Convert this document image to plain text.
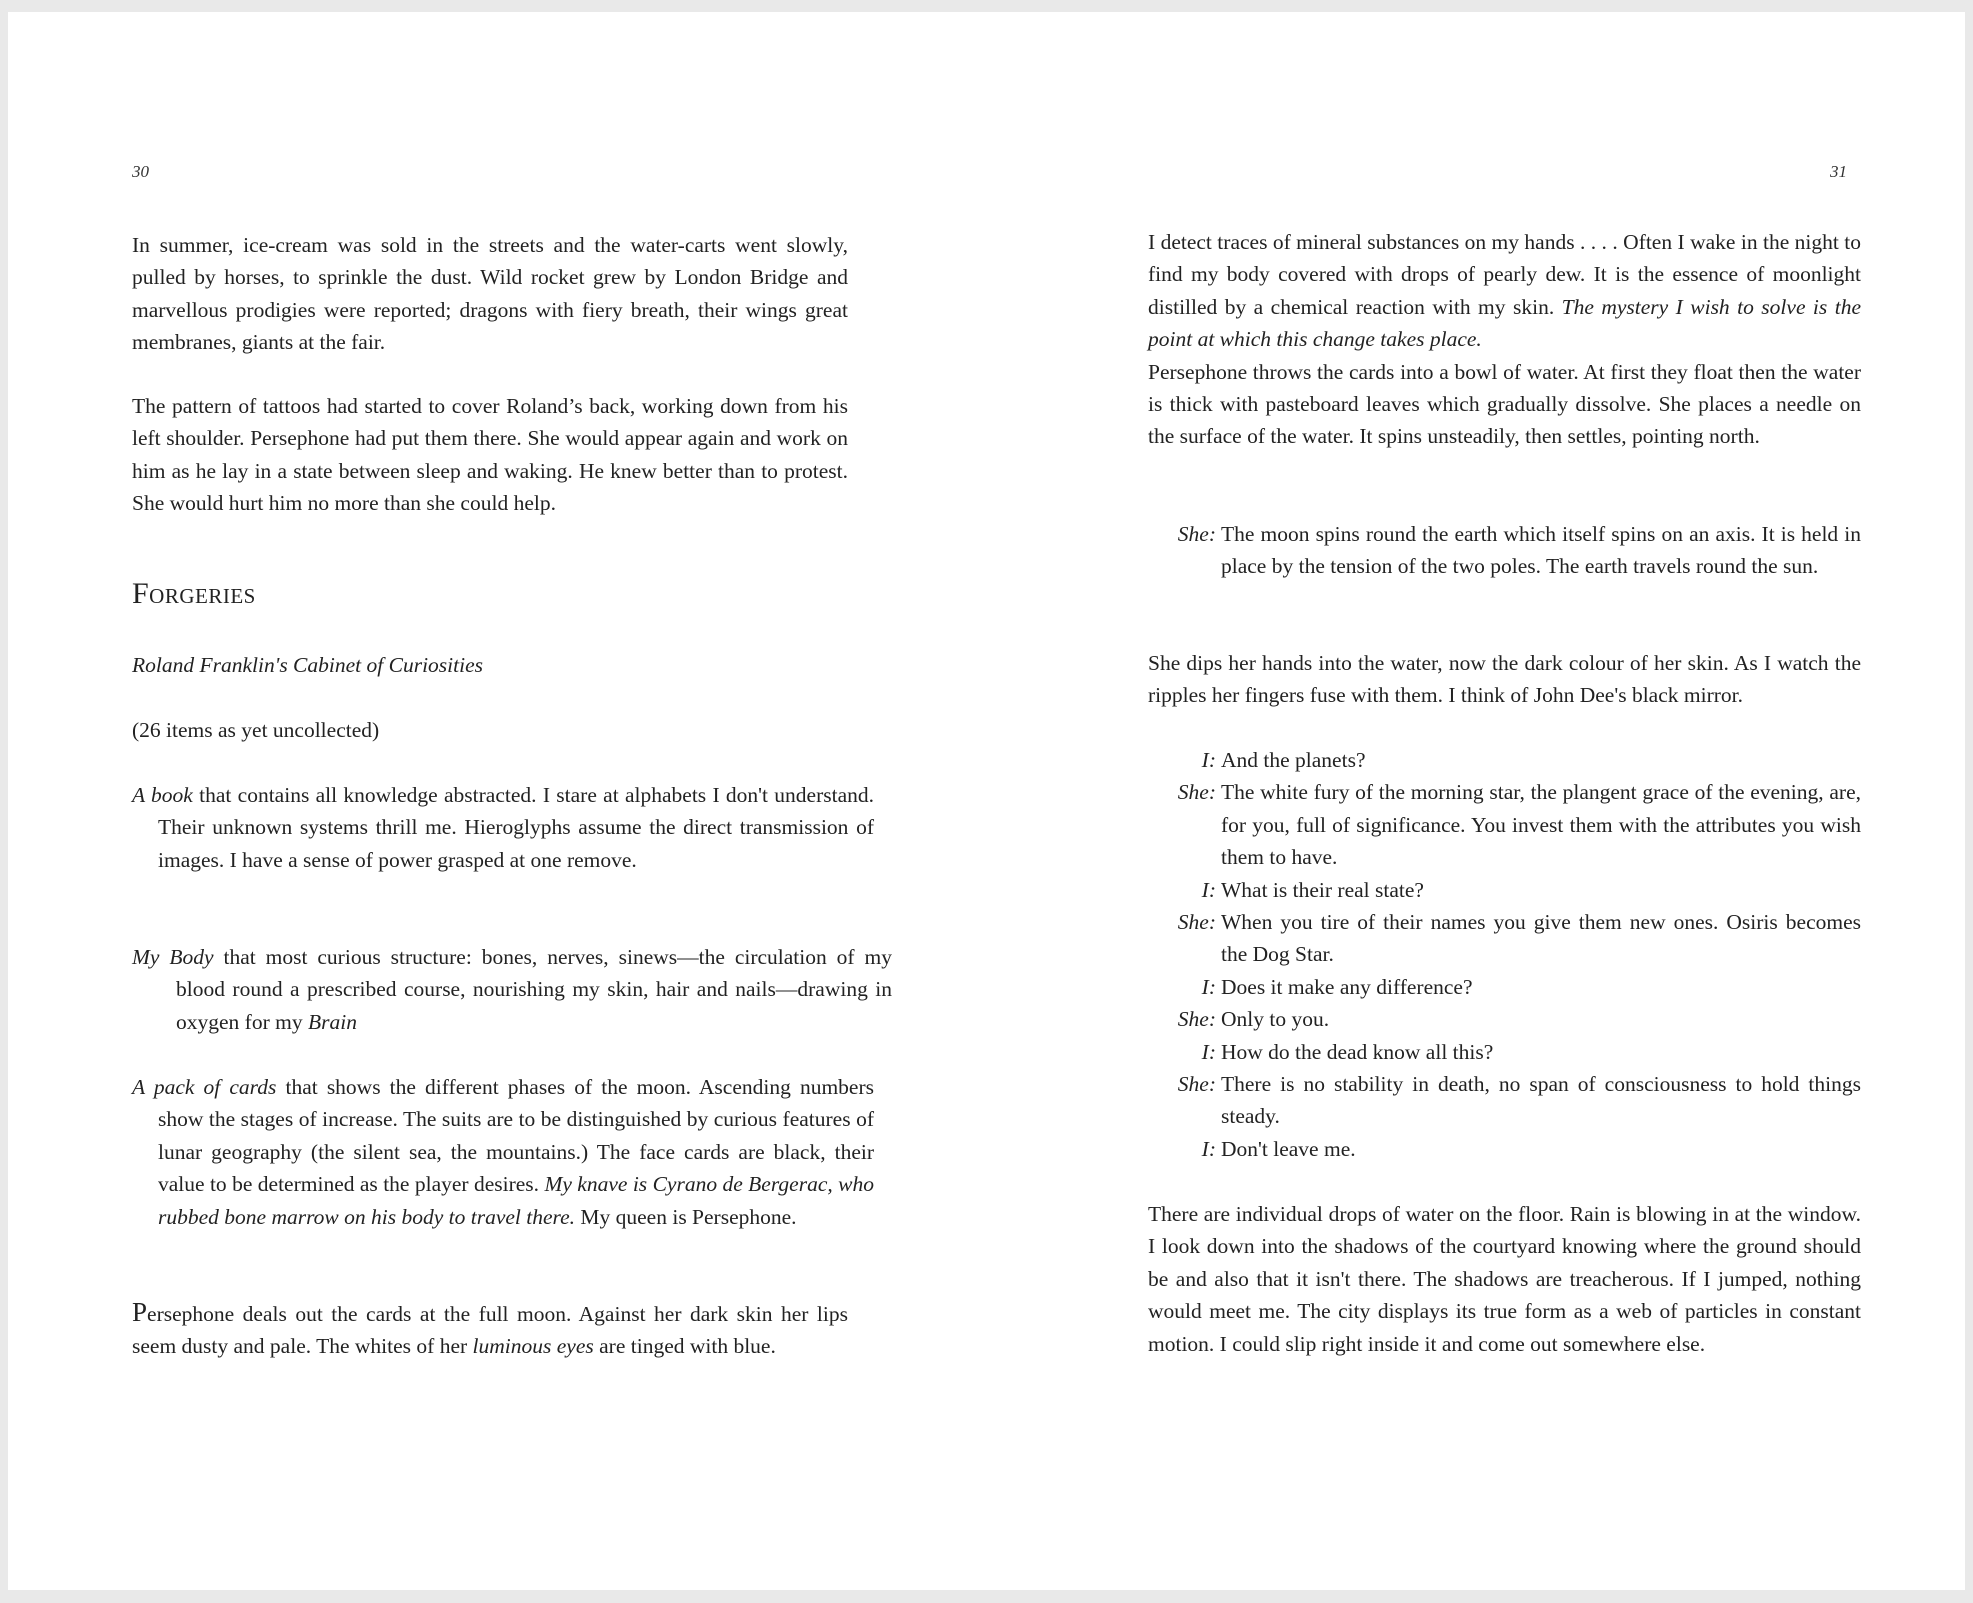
30
In summer, ice-cream was sold in the streets and the water-carts went slowly, pulled by horses, to sprinkle the dust. Wild rocket grew by London Bridge and marvellous prodigies were reported; dragons with fiery breath, their wings great membranes, giants at the fair.
The pattern of tattoos had started to cover Roland’s back, working down from his left shoulder. Persephone had put them there. She would appear again and work on him as he lay in a state between sleep and waking. He knew better than to protest. She would hurt him no more than she could help.
Forgeries
Roland Franklin's Cabinet of Curiosities
(26 items as yet uncollected)
A book that contains all knowledge abstracted. I stare at alphabets I don't understand. Their unknown systems thrill me. Hieroglyphs assume the direct transmission of images. I have a sense of power grasped at one remove.
My Body that most curious structure: bones, nerves, sinews—the circulation of my blood round a prescribed course, nourishing my skin, hair and nails—drawing in oxygen for my Brain
A pack of cards that shows the different phases of the moon. Ascending numbers show the stages of increase. The suits are to be distinguished by curious features of lunar geography (the silent sea, the mountains.) The face cards are black, their value to be determined as the player desires. My knave is Cyrano de Bergerac, who rubbed bone marrow on his body to travel there. My queen is Persephone.
Persephone deals out the cards at the full moon. Against her dark skin her lips seem dusty and pale. The whites of her luminous eyes are tinged with blue.
31
I detect traces of mineral substances on my hands . . . . Often I wake in the night to find my body covered with drops of pearly dew. It is the essence of moonlight distilled by a chemical reaction with my skin. The mystery I wish to solve is the point at which this change takes place.
Persephone throws the cards into a bowl of water. At first they float then the water is thick with pasteboard leaves which gradually dissolve. She places a needle on the surface of the water. It spins unsteadily, then settles, pointing north.
She: The moon spins round the earth which itself spins on an axis. It is held in place by the tension of the two poles. The earth travels round the sun.
She dips her hands into the water, now the dark colour of her skin. As I watch the ripples her fingers fuse with them. I think of John Dee's black mirror.
I: And the planets?
She: The white fury of the morning star, the plangent grace of the evening, are, for you, full of significance. You invest them with the attributes you wish them to have.
I: What is their real state?
She: When you tire of their names you give them new ones. Osiris becomes the Dog Star.
I: Does it make any difference?
She: Only to you.
I: How do the dead know all this?
She: There is no stability in death, no span of consciousness to hold things steady.
I: Don't leave me.
There are individual drops of water on the floor. Rain is blowing in at the window. I look down into the shadows of the courtyard knowing where the ground should be and also that it isn't there. The shadows are treacherous. If I jumped, nothing would meet me. The city displays its true form as a web of particles in constant motion. I could slip right inside it and come out somewhere else.
